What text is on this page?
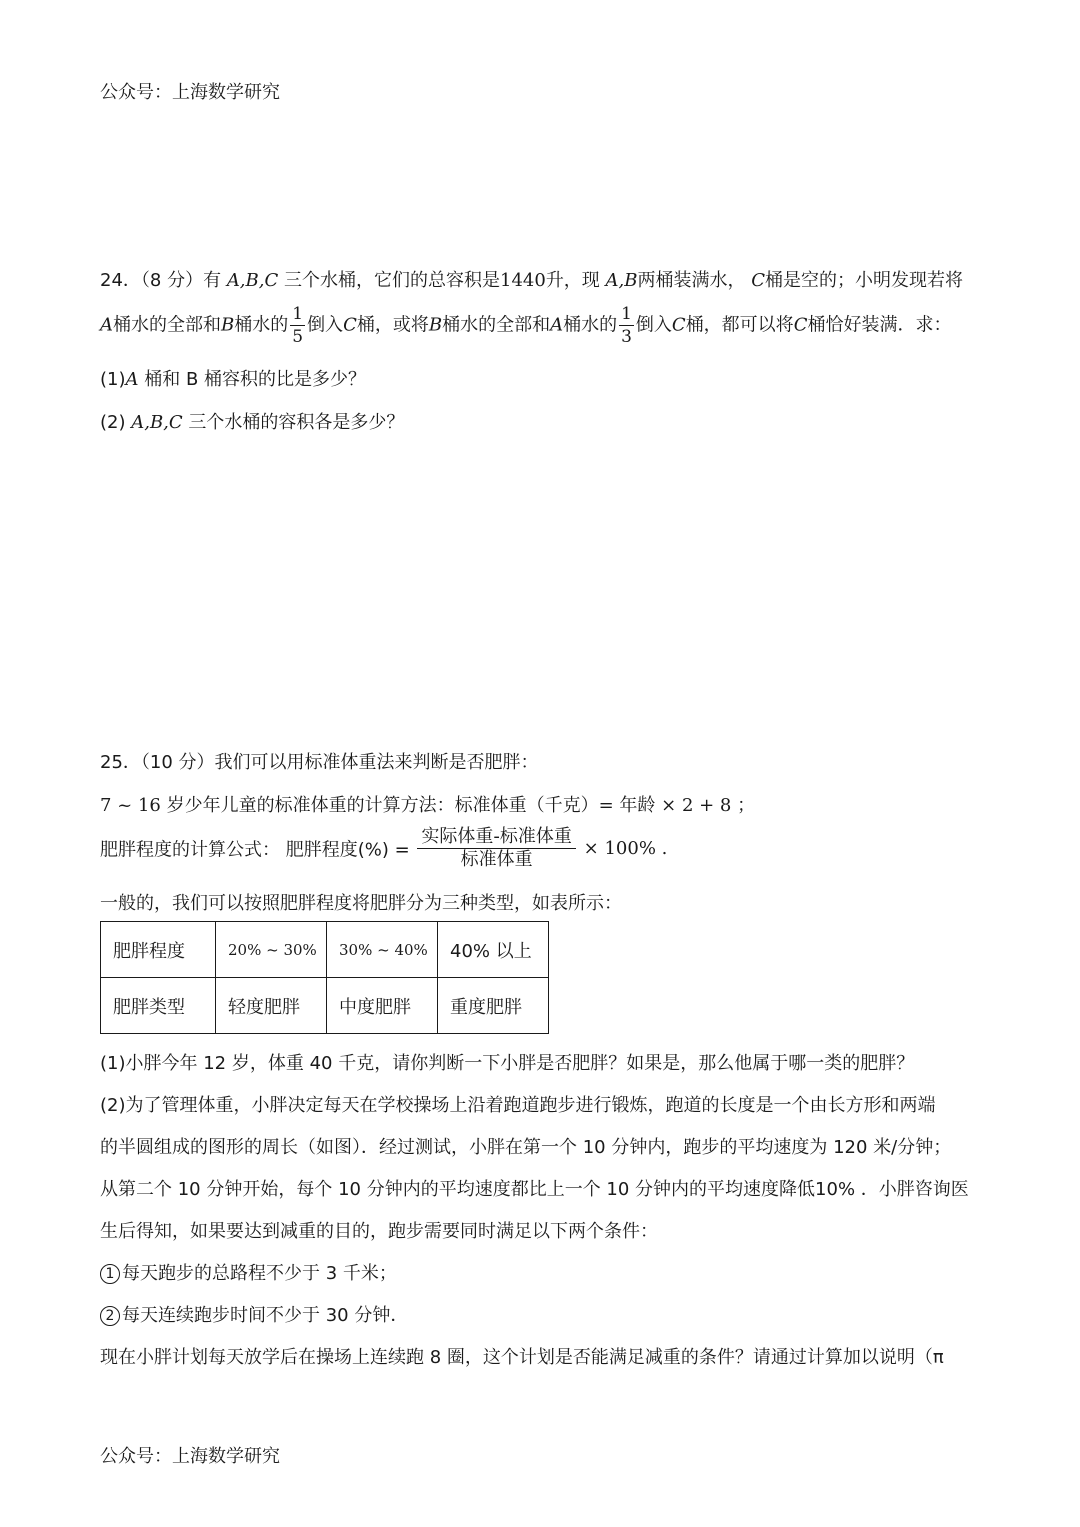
公众号：上海数学研究
24．（8 分）有 A,B,C 三个水桶，它们的总容积是1440升，现 A,B两桶装满水， C桶是空的；小明发现若将
A桶水的全部和B桶水的 $\frac{1}{5}$ 倒入C桶，或将B桶水的全部和A桶水的 $\frac{1}{3}$ 倒入C桶，都可以将C桶恰好装满．求：
(1)A 桶和 B 桶容积的比是多少？
(2) A,B,C 三个水桶的容积各是多少？
25．（10 分）我们可以用标准体重法来判断是否肥胖：
7 ~ 16 岁少年儿童的标准体重的计算方法：标准体重（千克）= 年龄 × 2 + 8 ；
肥胖程度的计算公式： 肥胖程度(%) = $\frac{\text{实际体重-标准体重}}{\text{标准体重}} \times 100\%$ .
一般的，我们可以按照肥胖程度将肥胖分为三种类型，如表所示：
肥胖程度	20% ~ 30%	30% ~ 40%	40% 以上
肥胖类型	轻度肥胖	中度肥胖	重度肥胖
(1)小胖今年 12 岁，体重 40 千克，请你判断一下小胖是否肥胖？如果是，那么他属于哪一类的肥胖？
(2)为了管理体重，小胖决定每天在学校操场上沿着跑道跑步进行锻炼，跑道的长度是一个由长方形和两端
的半圆组成的图形的周长（如图）．经过测试，小胖在第一个 10 分钟内，跑步的平均速度为 120 米/分钟；
从第二个 10 分钟开始，每个 10 分钟内的平均速度都比上一个 10 分钟内的平均速度降低10% ．小胖咨询医
生后得知，如果要达到减重的目的，跑步需要同时满足以下两个条件：
1 每天跑步的总路程不少于 3 千米；
2 每天连续跑步时间不少于 30 分钟．
现在小胖计划每天放学后在操场上连续跑 8 圈，这个计划是否能满足减重的条件？请通过计算加以说明（π
公众号：上海数学研究
